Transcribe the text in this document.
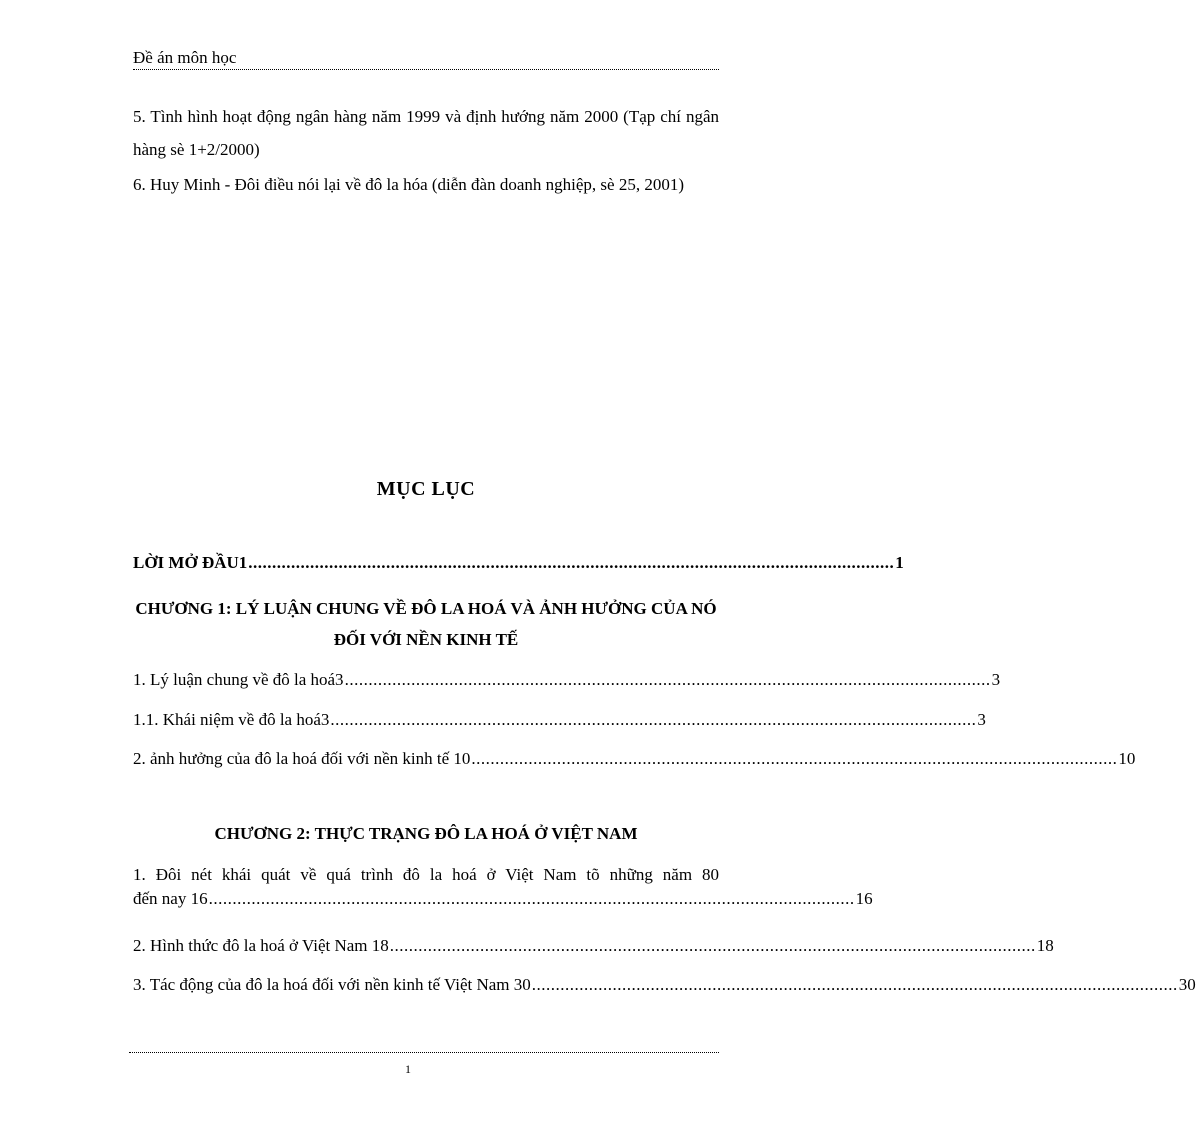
Đề án môn học

5. Tình hình hoạt động ngân hàng năm 1999 và định hướng năm 2000 (Tạp chí ngân hàng sè 1+2/2000)

6. Huy Minh - Đôi điều nói lại về đô la hóa (diễn đàn doanh nghiệp, sè 25, 2001)

MỤC LỤC
LỜI MỞ ĐẦU1 ........................................................................................................................................ 1
CHƯƠNG 1: LÝ LUẬN CHUNG VỀ ĐÔ LA HOÁ VÀ ẢNH HƯỞNG CỦA NÓ ĐỐI VỚI NỀN KINH TẾ
1. Lý luận chung về đô la hoá3 ........................................................................................................................................ 3
1.1. Khái niệm về đô la hoá3 ........................................................................................................................................ 3
2. ảnh hưởng của đô la hoá đối với nền kinh tế 10 ........................................................................................................................................ 10
CHƯƠNG 2: THỰC TRẠNG ĐÔ LA HOÁ Ở VIỆT NAM
1. Đôi nét khái quát về quá trình đô la hoá ở Việt Nam tõ những năm 80
đến nay 16 ........................................................................................................................................ 16
2. Hình thức đô la hoá ở Việt Nam 18 ........................................................................................................................................ 18
3. Tác động của đô la hoá đối với nền kinh tế Việt Nam 30 ........................................................................................................................................ 30
1
